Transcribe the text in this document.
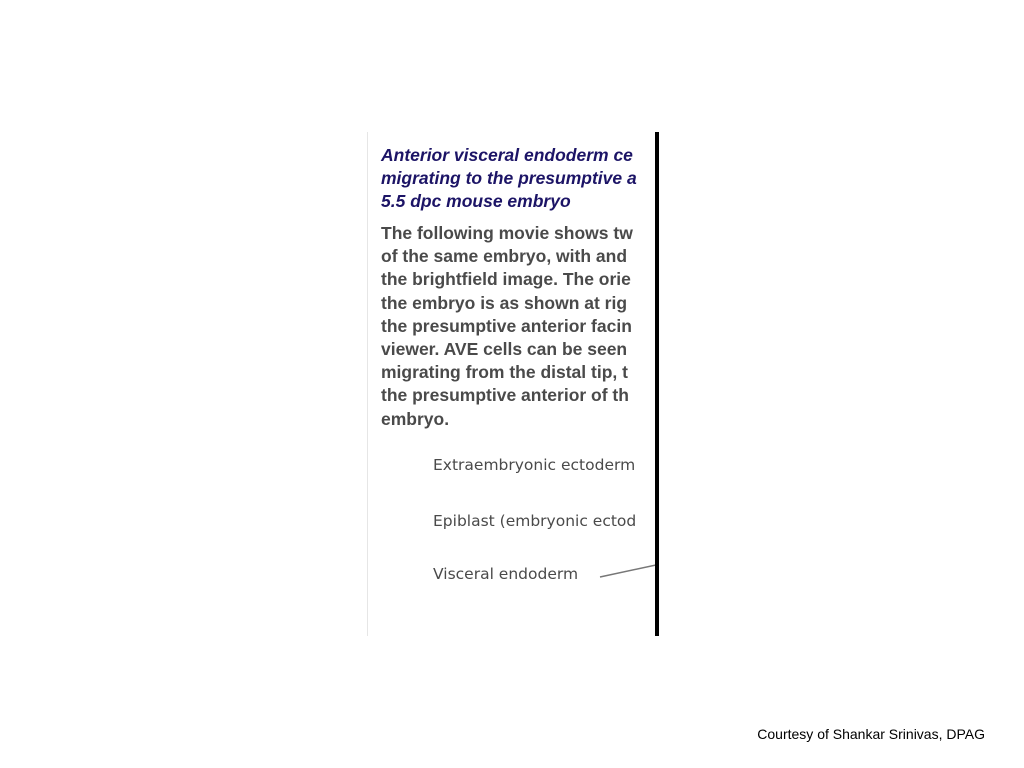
Anterior visceral endoderm ce
migrating to the presumptive a
5.5 dpc mouse embryo
The following movie shows tw
of the same embryo, with and
the brightfield image. The orie
the embryo is as shown at rig
the presumptive anterior facin
viewer. AVE cells can be seen
migrating from the distal tip, t
the presumptive anterior of th
embryo.
Extraembryonic ectoderm
Epiblast (embryonic ectod
Visceral endoderm
Courtesy of Shankar Srinivas, DPAG
